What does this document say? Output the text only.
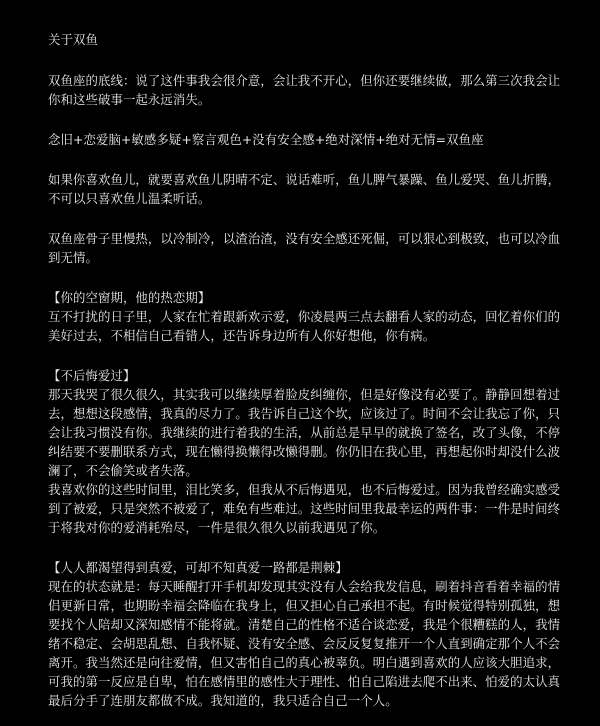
关于双鱼

双鱼座的底线：说了这件事我会很介意，会让我不开心，但你还要继续做，那么第三次我会让你和这些破事一起永远消失。

念旧+恋爱脑+敏感多疑+察言观色+没有安全感+绝对深情+绝对无情=双鱼座

如果你喜欢鱼儿，就要喜欢鱼儿阴晴不定、说话难听，鱼儿脾气暴躁、鱼儿爱哭、鱼儿折腾，不可以只喜欢鱼儿温柔听话。

双鱼座骨子里慢热，以冷制冷，以渣治渣，没有安全感还死倔，可以狠心到极致，也可以冷血到无情。

【你的空窗期，他的热恋期】

互不打扰的日子里，人家在忙着跟新欢示爱，你凌晨两三点去翻看人家的动态，回忆着你们的美好过去，不相信自己看错人，还告诉身边所有人你好想他，你有病。

【不后悔爱过】

那天我哭了很久很久，其实我可以继续厚着脸皮纠缠你，但是好像没有必要了。静静回想着过去，想想这段感情，我真的尽力了。我告诉自己这个坎，应该过了。时间不会让我忘了你，只会让我习惯没有你。我继续的进行着我的生活，从前总是早早的就换了签名，改了头像，不停纠结要不要删联系方式，现在懒得换懒得改懒得删。你仍旧在我心里，再想起你时却没什么波澜了，不会偷笑或者失落。

我喜欢你的这些时间里，泪比笑多，但我从不后悔遇见，也不后悔爱过。因为我曾经确实感受到了被爱，只是突然不被爱了，难免有些难过。这些时间里我最幸运的两件事：一件是时间终于将我对你的爱消耗殆尽，一件是很久很久以前我遇见了你。

【人人都渴望得到真爱，可却不知真爱一路都是荆棘】

现在的状态就是：每天睡醒打开手机却发现其实没有人会给我发信息，刷着抖音看着幸福的情侣更新日常，也期盼幸福会降临在我身上，但又担心自己承担不起。有时候觉得特别孤独，想要找个人陪却又深知感情不能将就。清楚自己的性格不适合谈恋爱，我是个很糟糕的人，我情绪不稳定、会胡思乱想、自我怀疑、没有安全感、会反反复复推开一个人直到确定那个人不会离开。我当然还是向往爱情，但又害怕自己的真心被辜负。明白遇到喜欢的人应该大胆追求，可我的第一反应是自卑，怕在感情里的感性大于理性、怕自己陷进去爬不出来、怕爱的太认真最后分手了连朋友都做不成。我知道的，我只适合自己一个人。
